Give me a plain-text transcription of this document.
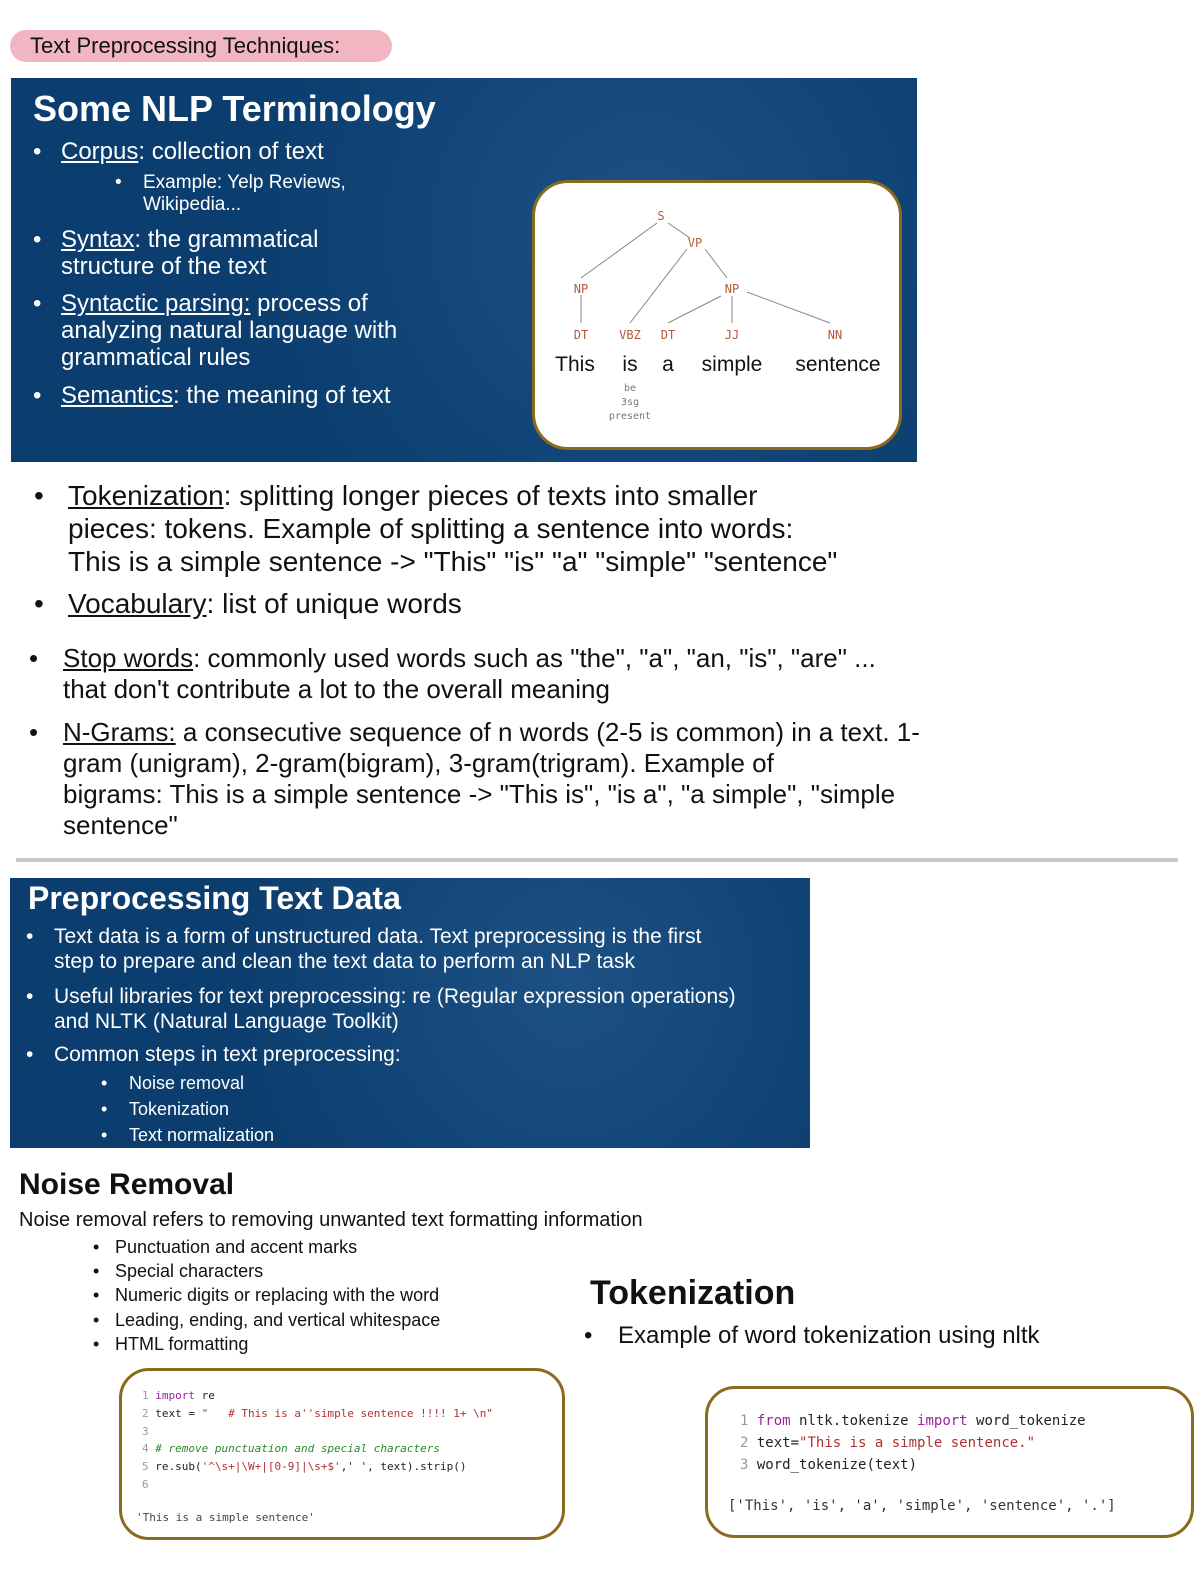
Text Preprocessing Techniques:
Some NLP Terminology
• Corpus: collection of text
• Example: Yelp Reviews,
Wikipedia...
• Syntax: the grammatical
structure of the text
• Syntactic parsing: process of
analyzing natural language with
grammatical rules
• Semantics: the meaning of text
S
VP
NP	NP
DT	VBZ DT	JJ	NN
This is a simple sentence
be
3sg
present
• Tokenization: splitting longer pieces of texts into smaller
pieces: tokens. Example of splitting a sentence into words:
This is a simple sentence -> "This" "is" "a" "simple" "sentence"
• Vocabulary: list of unique words
• Stop words: commonly used words such as "the", "a", "an, "is", "are" ...
that don't contribute a lot to the overall meaning
• N-Grams: a consecutive sequence of n words (2-5 is common) in a text. 1-
gram (unigram), 2-gram(bigram), 3-gram(trigram). Example of
bigrams: This is a simple sentence -> "This is", "is a", "a simple", "simple
sentence"
Preprocessing Text Data
• Text data is a form of unstructured data. Text preprocessing is the first
step to prepare and clean the text data to perform an NLP task
• Useful libraries for text preprocessing: re (Regular expression operations)
and NLTK (Natural Language Toolkit)
• Common steps in text preprocessing:
• Noise removal
• Tokenization
• Text normalization
Noise Removal
Noise removal refers to removing unwanted text formatting information
• Punctuation and accent marks
• Special characters
• Numeric digits or replacing with the word
• Leading, ending, and vertical whitespace
• HTML formatting
1 import re
2 text = "   # This is a''simple sentence !!!! 1+ \n"
3
4 # remove punctuation and special characters
5 re.sub('^\s+|\W+|[0-9]|\s+$',' ', text).strip()
6
'This is a simple sentence'
Tokenization
• Example of word tokenization using nltk
1 from nltk.tokenize import word_tokenize
2 text="This is a simple sentence."
3 word_tokenize(text)
['This', 'is', 'a', 'simple', 'sentence', '.']
